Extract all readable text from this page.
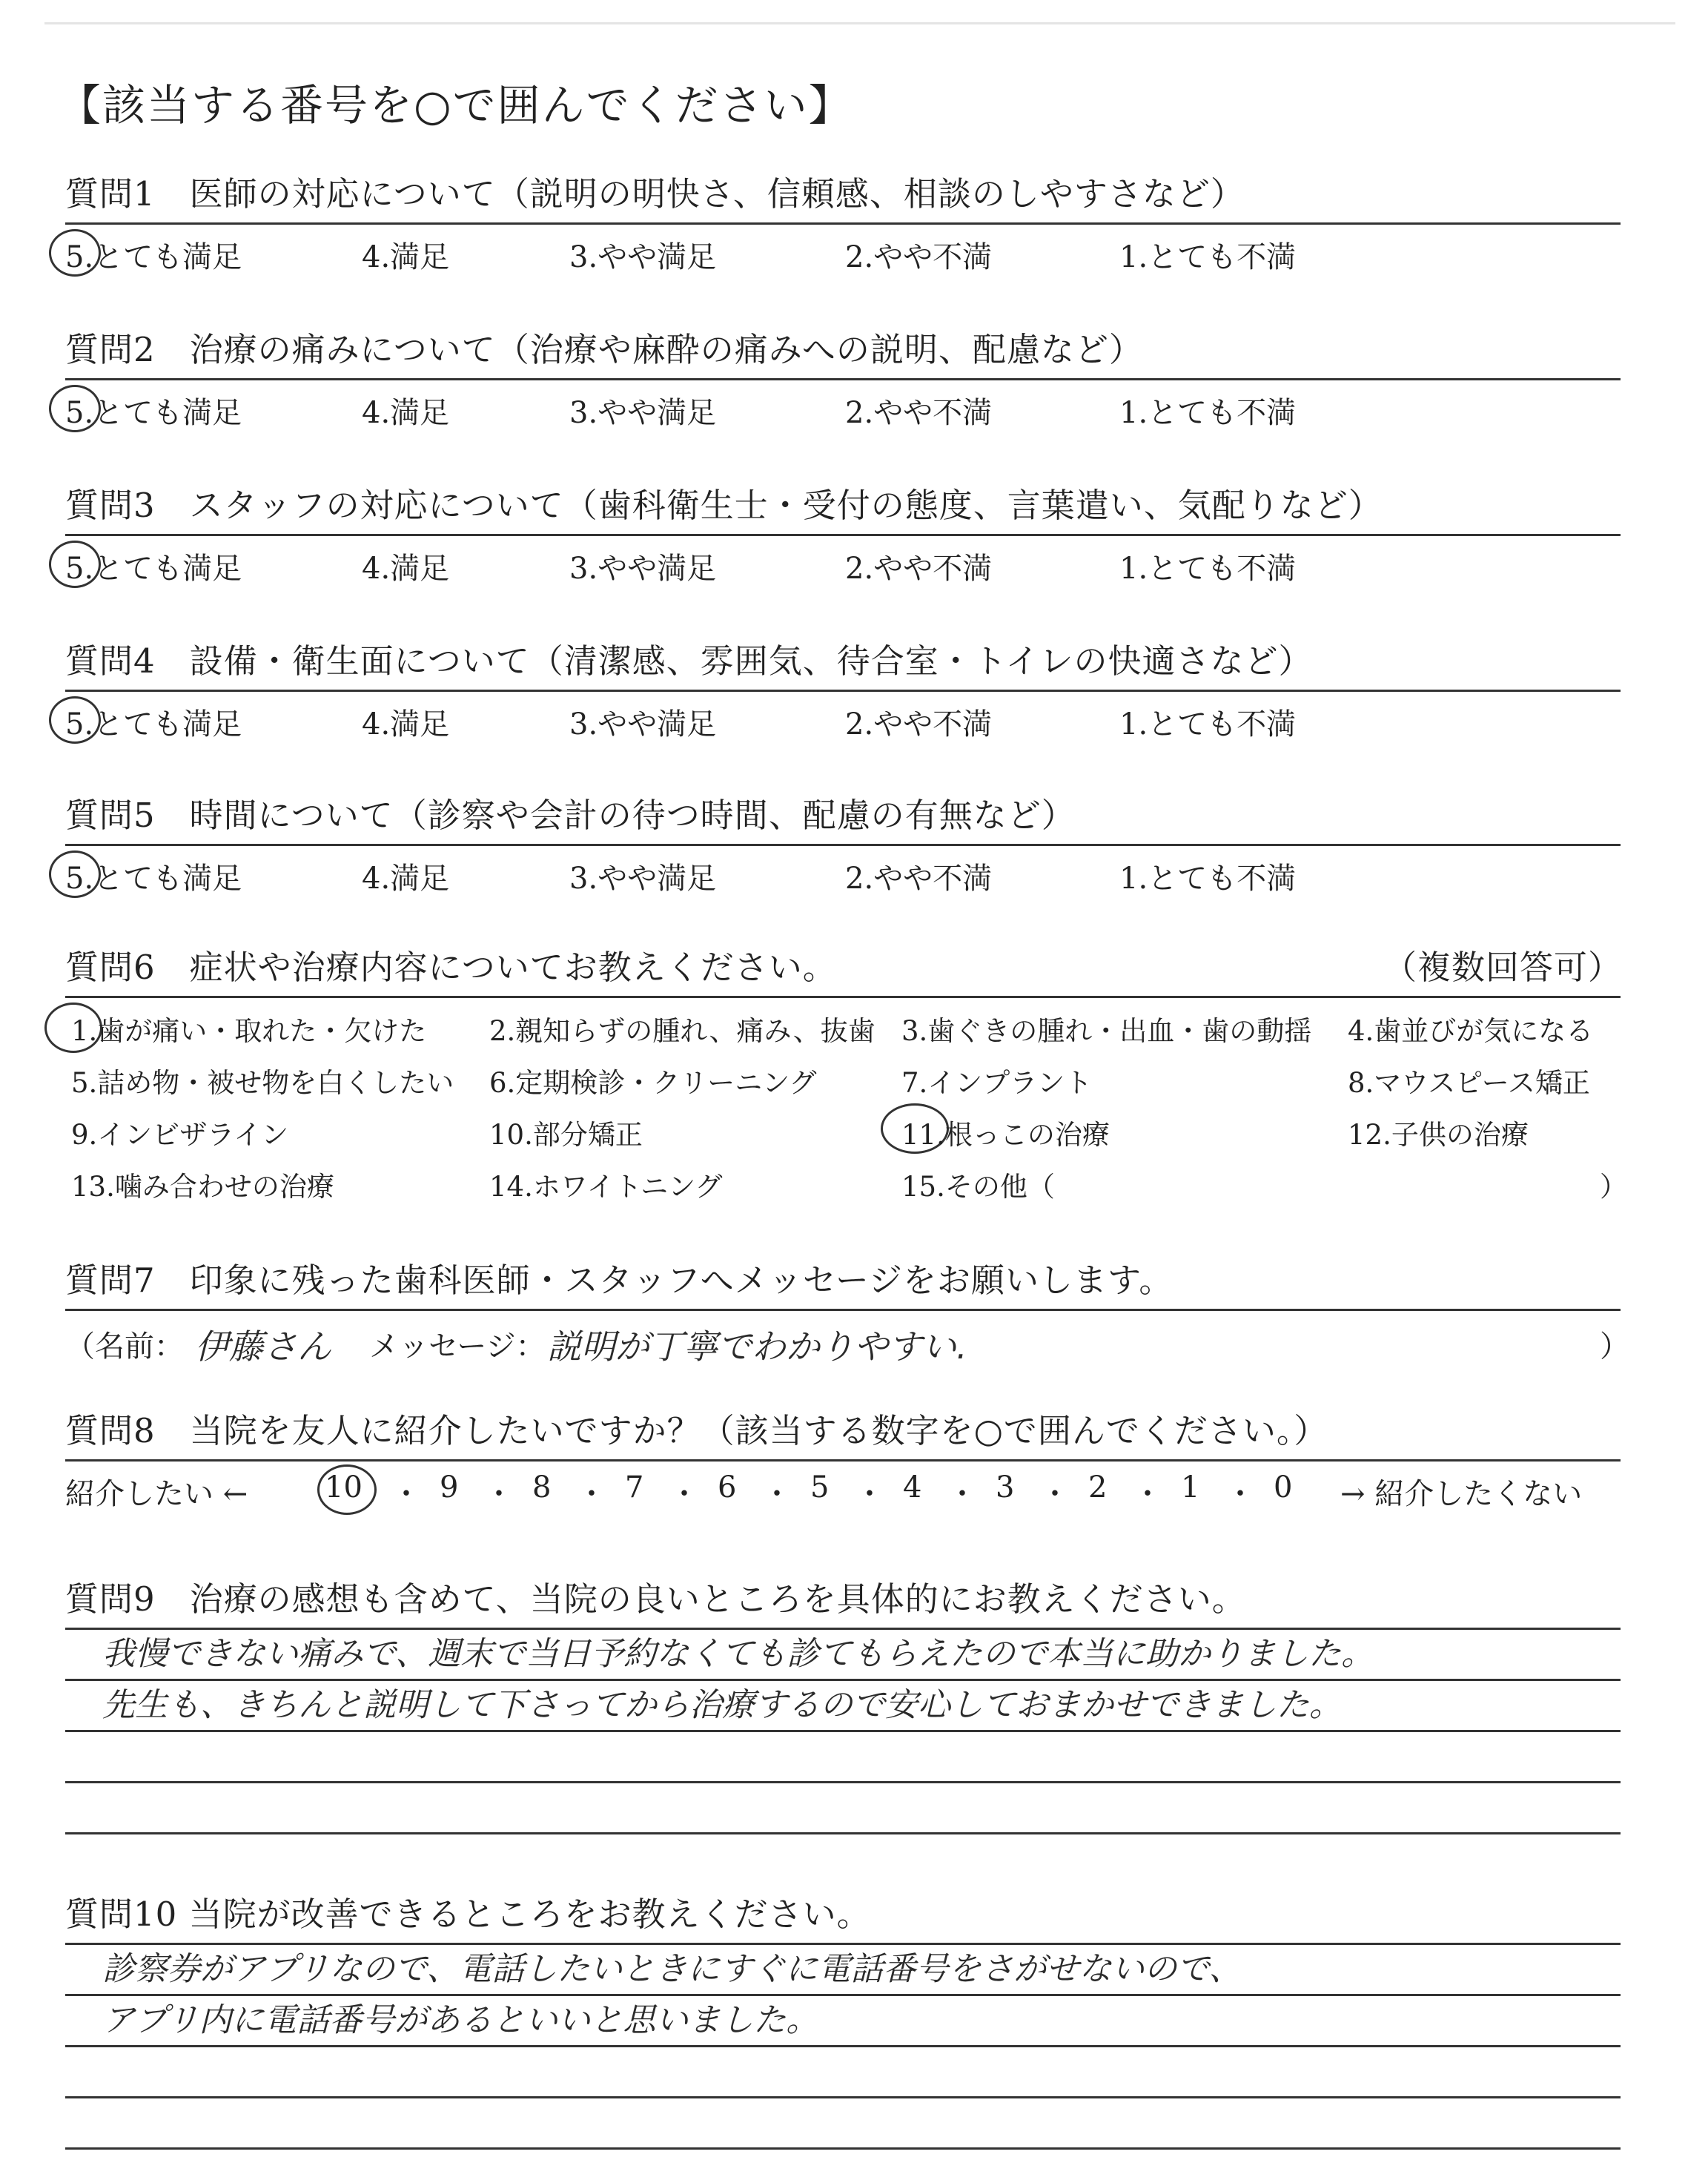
【該当する番号を○で囲んでください】
質問1　医師の対応について（説明の明快さ、信頼感、相談のしやすさなど）
5.とても満足	4.満足	3.やや満足	2.やや不満	1.とても不満
質問2　治療の痛みについて（治療や麻酔の痛みへの説明、配慮など）
5.とても満足	4.満足	3.やや満足	2.やや不満	1.とても不満
質問3　スタッフの対応について（歯科衛生士・受付の態度、言葉遣い、気配りなど）
5.とても満足	4.満足	3.やや満足	2.やや不満	1.とても不満
質問4　設備・衛生面について（清潔感、雰囲気、待合室・トイレの快適さなど）
5.とても満足	4.満足	3.やや満足	2.やや不満	1.とても不満
質問5　時間について（診察や会計の待つ時間、配慮の有無など）
5.とても満足	4.満足	3.やや満足	2.やや不満	1.とても不満
質問6　症状や治療内容についてお教えください。	（複数回答可）
1.歯が痛い・取れた・欠けた 2.親知らずの腫れ、痛み、抜歯 3.歯ぐきの腫れ・出血・歯の動揺 4.歯並びが気になる
5.詰め物・被せ物を白くしたい 6.定期検診・クリーニング	7.インプラント	8.マウスピース矯正
9.インビザライン	10.部分矯正	11.根っこの治療	12.子供の治療
13.噛み合わせの治療	14.ホワイトニング	15.その他（	）
質問7　印象に残った歯科医師・スタッフへメッセージをお願いします。
（名前： 伊藤さん メッセージ： 説明が丁寧でわかりやすい.	）
質問8　当院を友人に紹介したいですか？（該当する数字を○で囲んでください。）
紹介したい ←	10 ・ 9 ・ 8 ・ 7 ・ 6 ・ 5 ・ 4 ・ 3 ・ 2 ・ 1 ・ 0 → 紹介したくない
質問9　治療の感想も含めて、当院の良いところを具体的にお教えください。
我慢できない痛みで、週末で当日予約なくても診てもらえたので本当に助かりました。
先生も、きちんと説明して下さってから治療するので安心しておまかせできました。
質問10 当院が改善できるところをお教えください。
診察券がアプリなので、電話したいときにすぐに電話番号をさがせないので、
アプリ内に電話番号があるといいと思いました。
